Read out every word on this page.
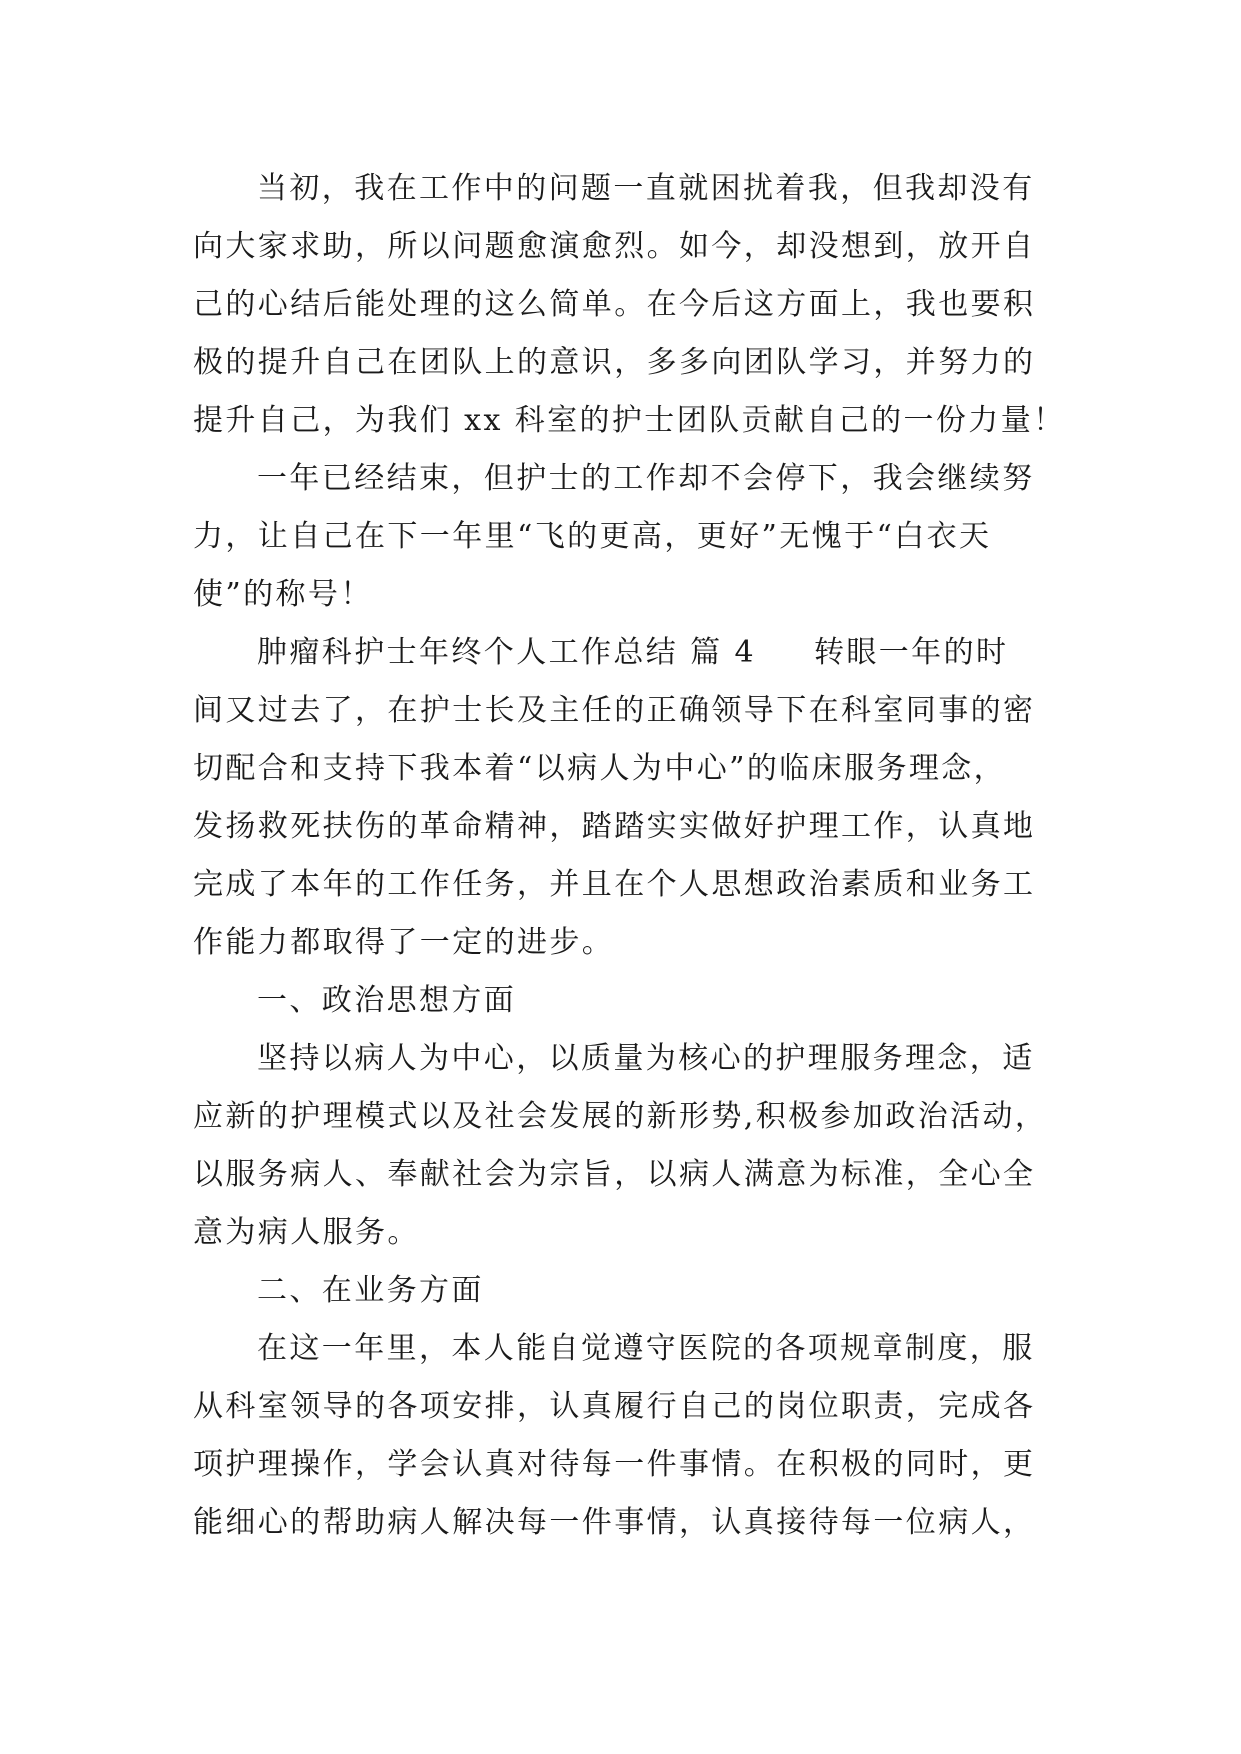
当初，我在工作中的问题一直就困扰着我，但我却没有
向大家求助，所以问题愈演愈烈。如今，却没想到，放开自
己的心结后能处理的这么简单。在今后这方面上，我也要积
极的提升自己在团队上的意识，多多向团队学习，并努力的
提升自己，为我们 xx 科室的护士团队贡献自己的一份力量！
一年已经结束，但护士的工作却不会停下，我会继续努
力，让自己在下一年里“飞的更高，更好”无愧于“白衣天
使”的称号！
肿瘤科护士年终个人工作总结 篇 4 转眼一年的时
间又过去了，在护士长及主任的正确领导下在科室同事的密
切配合和支持下我本着“以病人为中心”的临床服务理念，
发扬救死扶伤的革命精神，踏踏实实做好护理工作，认真地
完成了本年的工作任务，并且在个人思想政治素质和业务工
作能力都取得了一定的进步。
一、政治思想方面
坚持以病人为中心，以质量为核心的护理服务理念，适
应新的护理模式以及社会发展的新形势,积极参加政治活动，
以服务病人、奉献社会为宗旨，以病人满意为标准，全心全
意为病人服务。
二、在业务方面
在这一年里，本人能自觉遵守医院的各项规章制度，服
从科室领导的各项安排，认真履行自己的岗位职责，完成各
项护理操作，学会认真对待每一件事情。在积极的同时，更
能细心的帮助病人解决每一件事情，认真接待每一位病人，
